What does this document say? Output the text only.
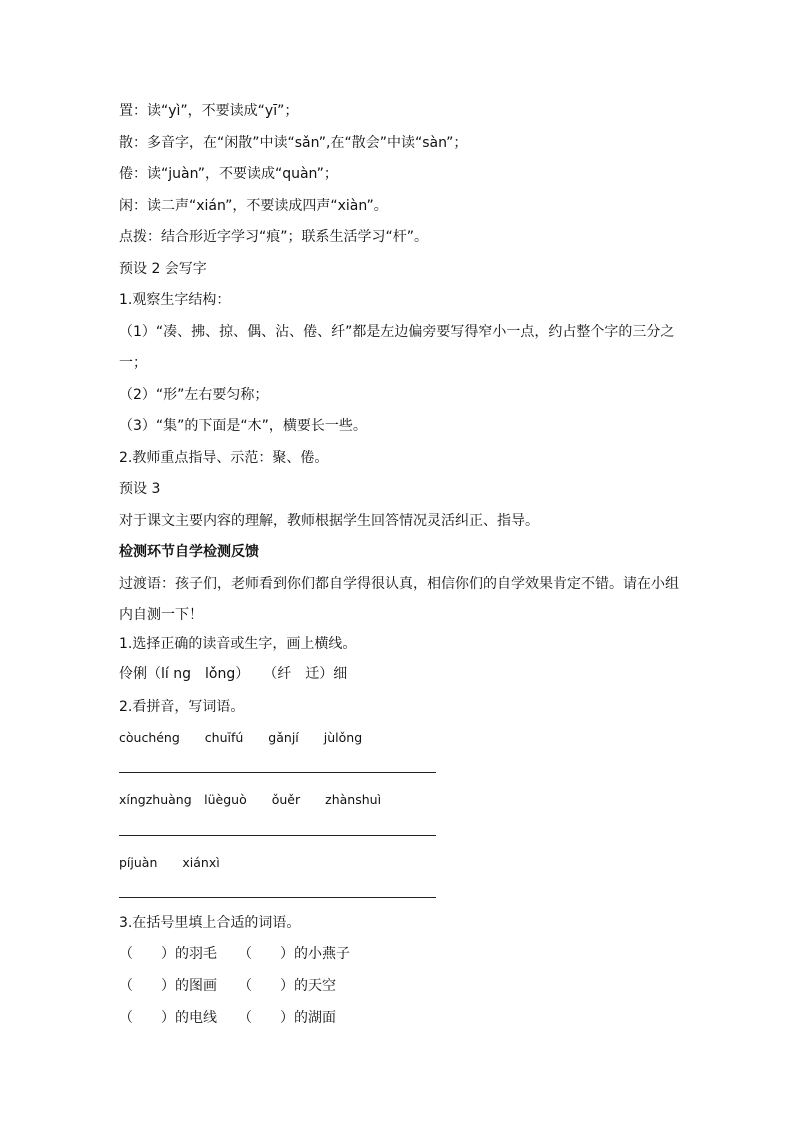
置：读“yì”，不要读成“yī”；
散：多音字，在“闲散”中读“sǎn”,在“散会”中读“sàn”；
倦：读“juàn”，不要读成“quàn”；
闲：读二声“xián”，不要读成四声“xiàn”。
点拨：结合形近字学习“痕”；联系生活学习“杆”。
预设 2 会写字
1.观察生字结构：
（1）“凑、拂、掠、偶、沾、倦、纤”都是左边偏旁要写得窄小一点，约占整个字的三分之
一；
（2）“形”左右要匀称；
（3）“集”的下面是“木”，横要长一些。
2.教师重点指导、示范：聚、倦。
预设 3
对于课文主要内容的理解，教师根据学生回答情况灵活纠正、指导。
检测环节自学检测反馈
过渡语：孩子们，老师看到你们都自学得很认真，相信你们的自学效果肯定不错。请在小组
内自测一下！
1.选择正确的读音或生字，画上横线。
伶俐（lí ng　lǒng）　　（纤　迁）细
2.看拼音，写词语。
còuchéng　　chuīfú　　gǎnjí　　jùlǒng
xíngzhuàng　lüèguò　　ǒuěr　　zhànshuì
píjuàn　　xiánxì
3.在括号里填上合适的词语。
（　　）的羽毛　　（　　）的小燕子
（　　）的图画　　（　　）的天空
（　　）的电线　　（　　）的湖面
